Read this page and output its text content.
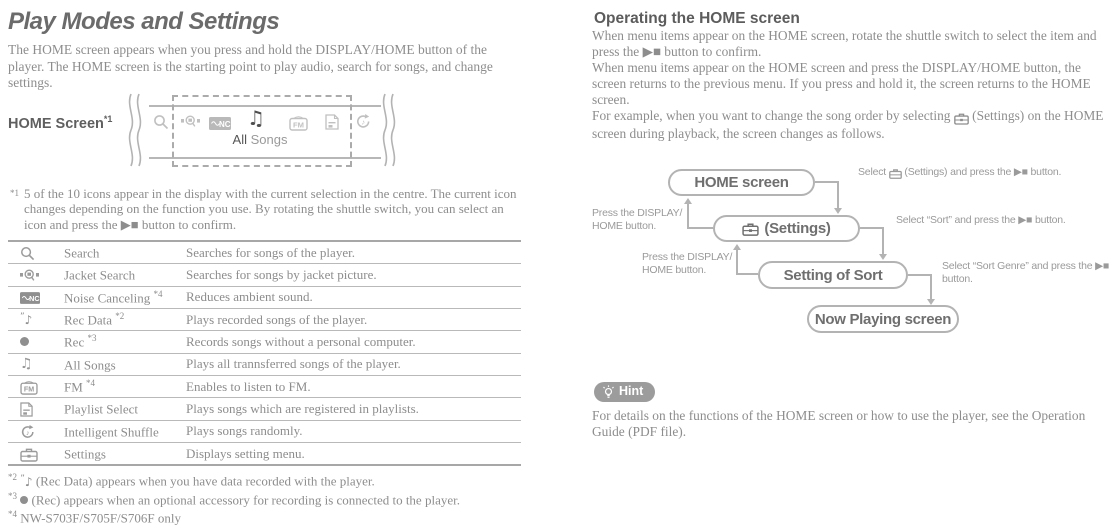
Play Modes and Settings

The HOME screen appears when you press and hold the DISPLAY/HOME button of the player. The HOME screen is the starting point to play audio, search for songs, and change settings.

HOME Screen$^{*1}$
NC ♫	FM	♪
All Songs
*1 5 of the 10 icons appear in the display with the current selection in the centre. The current icon changes depending on the function you use. By rotating the shuttle switch, you can select an icon and press the ▶■ button to confirm.
	Search	Searches for songs of the player.
	Jacket Search	Searches for songs by jacket picture.

NC	Noise Canceling $^{*4}$	Reduces ambient sound.
” ♪	Rec Data $^{*2}$	Plays recorded songs of the player.
	Rec $^{*3}$	Records songs without a personal computer.
♫	All Songs	Plays all trannsferred songs of the player.

FM	FM $^{*4}$	Enables to listen to FM.
	Playlist Select	Plays songs which are registered in playlists.

♪	Intelligent Shuffle	Plays songs randomly.
	Settings	Displays setting menu.
$^{*2}$ ” ♪ (Rec Data) appears when you have data recorded with the player.
$^{*3}$ (Rec) appears when an optional accessory for recording is connected to the player.
$^{*4}$ NW-S703F/S705F/S706F only
Operating the HOME screen

When menu items appear on the HOME screen, rotate the shuttle switch to select the item and press the ▶■ button to confirm.

When menu items appear on the HOME screen and press the DISPLAY/HOME button, the screen returns to the previous menu. If you press and hold it, the screen returns to the HOME screen.

For example, when you want to change the song order by selecting  (Settings) on the HOME screen during playback, the screen changes as follows.

HOME screen
(Settings)
Setting of Sort
Now Playing screen
Select  (Settings) and press the ▶■ button.
Select “Sort” and press the ▶■ button.
Select “Sort Genre” and press the ▶■ button.
Press the DISPLAY/ HOME button.
Press the DISPLAY/ HOME button.
Hint

For details on the functions of the HOME screen or how to use the player, see the Operation Guide (PDF file).
